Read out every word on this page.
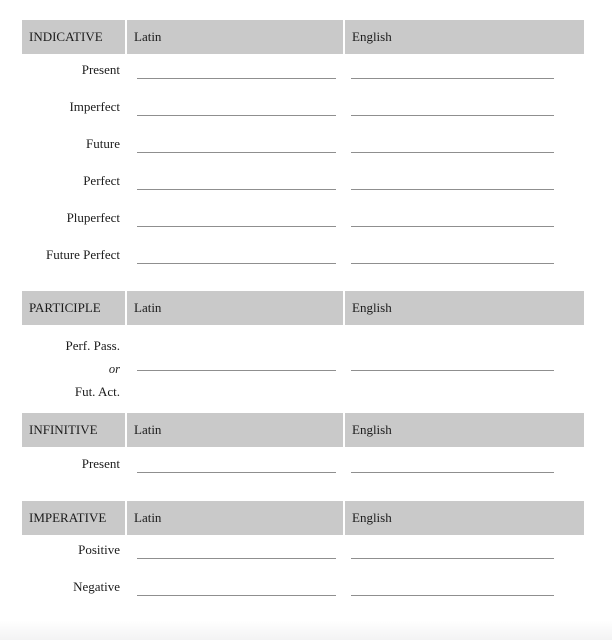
INDICATIVE	Latin	English
Present
Imperfect
Future
Perfect
Pluperfect
Future Perfect
PARTICIPLE	Latin	English
Perf. Pass.
or
Fut. Act.
INFINITIVE	Latin	English
Present
IMPERATIVE	Latin	English
Positive
Negative
